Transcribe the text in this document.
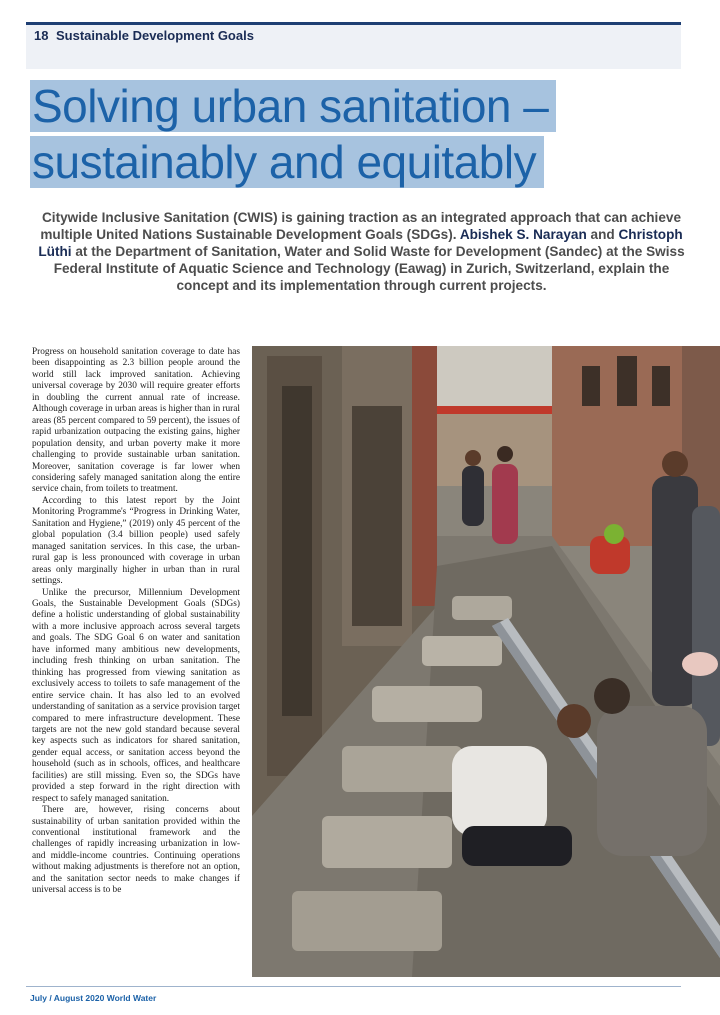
18 Sustainable Development Goals
Solving urban sanitation –
sustainably and equitably
Citywide Inclusive Sanitation (CWIS) is gaining traction as an integrated approach that can achieve multiple United Nations Sustainable Development Goals (SDGs). Abishek S. Narayan and Christoph Lüthi at the Department of Sanitation, Water and Solid Waste for Development (Sandec) at the Swiss Federal Institute of Aquatic Science and Technology (Eawag) in Zurich, Switzerland, explain the concept and its implementation through current projects.

Progress on household sanitation coverage to date has been disappointing as 2.3 billion people around the world still lack improved sanitation. Achieving universal coverage by 2030 will require greater efforts in doubling the current annual rate of increase. Although coverage in urban areas is higher than in rural areas (85 percent compared to 59 percent), the issues of rapid urbanization outpacing the existing gains, higher population density, and urban poverty make it more challenging to provide sustainable urban sanitation. Moreover, sanitation coverage is far lower when considering safely managed sanitation along the entire service chain, from toilets to treatment.

According to this latest report by the Joint Monitoring Programme's “Progress in Drinking Water, Sanitation and Hygiene,” (2019) only 45 percent of the global population (3.4 billion people) used safely managed sanitation services. In this case, the urban-rural gap is less pronounced with coverage in urban areas only marginally higher in urban than in rural settings.

Unlike the precursor, Millennium Development Goals, the Sustainable Development Goals (SDGs) define a holistic understanding of global sustainability with a more inclusive approach across several targets and goals. The SDG Goal 6 on water and sanitation have informed many ambitious new developments, including fresh thinking on urban sanitation. The thinking has progressed from viewing sanitation as exclusively access to toilets to safe management of the entire service chain. It has also led to an evolved understanding of sanitation as a service provision target compared to mere infrastructure development. These targets are not the new gold standard because several key aspects such as indicators for shared sanitation, gender equal access, or sanitation access beyond the household (such as in schools, offices, and healthcare facilities) are still missing. Even so, the SDGs have provided a step forward in the right direction with respect to safely managed sanitation.

There are, however, rising concerns about sustainability of urban sanitation provided within the conventional institutional framework and the challenges of rapidly increasing urbanization in low- and middle-income countries. Continuing operations without making adjustments is therefore not an option, and the sanitation sector needs to make changes if universal access is to be

July / August 2020 World Water
